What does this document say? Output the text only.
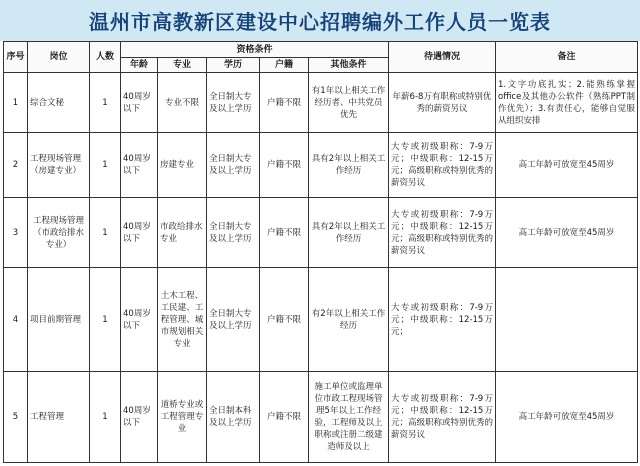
温州市高教新区建设中心招聘编外工作人员一览表
序号	岗位	人数	资格条件					待遇情况	备注
			年龄	专业	学历	户籍	其他条件		
1	综合文秘	1	40周岁以下	专业不限	全日制大专及以上学历	户籍不限	有1年以上相关工作经历者、中共党员优先	年薪6-8万有职称或特别优秀的薪资另议	1.文字功底扎实；2.能熟练掌握office及其他办公软件（熟练PPT制作优先）；3.有责任心，能够自觉服从组织安排
2	工程现场管理（房建专业）	1	40周岁以下	房建专业	全日制大专及以上学历	户籍不限	具有2年以上相关工作经历	大专或初级职称：7-9万元；中级职称：12-15万元；高级职称或特别优秀的薪资另议	高工年龄可放宽至45周岁
3	工程现场管理（市政给排水专业）	1	40周岁以下	市政给排水专业	全日制大专及以上学历	户籍不限	具有2年以上相关工作经历	大专或初级职称：7-9万元；中级职称：12-15万元；高级职称或特别优秀的薪资另议	高工年龄可放宽至45周岁
4	项目前期管理	1	40周岁以下	土木工程、工民建、工程管理、城市规划相关专业	全日制大专及以上学历	户籍不限	有2年以上相关工作经历	大专或初级职称：7-9万元；中级职称：12-15万元；	
5	工程管理	1	40周岁以下	道桥专业或工程管理专业	全日制本科及以上学历	户籍不限	施工单位或监理单位市政工程现场管理5年以上工作经验，工程师及以上职称或注册二级建造师及以上	大专或初级职称：7-9万元；中级职称：12-15万元；高级职称或特别优秀的薪资另议	高工年龄可放宽至45周岁
